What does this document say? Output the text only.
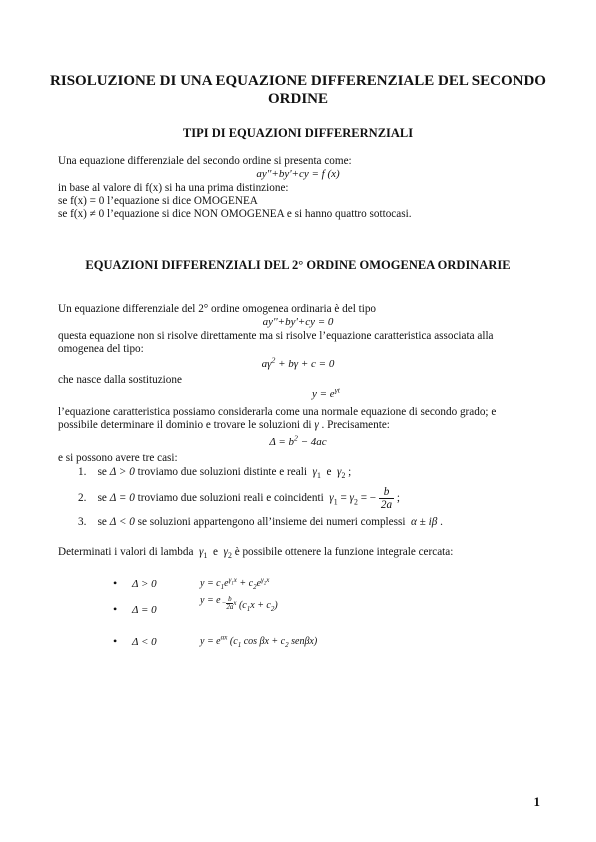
RISOLUZIONE DI UNA EQUAZIONE DIFFERENZIALE DEL SECONDO ORDINE
TIPI DI EQUAZIONI DIFFERERNZIALI
Una equazione differenziale del secondo ordine si presenta come:
ay''+by'+cy = f (x)
in base al valore di f(x) si ha una prima distinzione:
se f(x) = 0 l’equazione si dice OMOGENEA
se f(x) ≠ 0 l’equazione si dice NON OMOGENEA e si hanno quattro sottocasi.
EQUAZIONI DIFFERENZIALI DEL 2° ORDINE OMOGENEA ORDINARIE
Un equazione differenziale del 2° ordine omogenea ordinaria è del tipo
ay''+by'+cy = 0
questa equazione non si risolve direttamente ma si risolve l’equazione caratteristica associata alla
omogenea del tipo:
$a\gamma^2 + b\gamma + c = 0$
che nasce dalla sostituzione
$y = e^{\gamma t}$
l’equazione caratteristica possiamo considerarla come una normale equazione di secondo grado; e
possibile determinare il dominio e trovare le soluzioni di γ . Precisamente:
$\Delta = b^2 - 4ac$
e si possono avere tre casi:
1.    se Δ > 0 troviamo due soluzioni distinte e reali  $\gamma_1$  e  $\gamma_2$ ;
2.    se Δ = 0 troviamo due soluzioni reali e coincidenti  $\gamma_1 = \gamma_2$ = − $\frac{b}{2a}$ ;
3.    se Δ < 0 se soluzioni appartengono all’insieme dei numeri complessi  α ± iβ .
Determinati i valori di lambda  $\gamma_1$  e  $\gamma_2$ è possibile ottenere la funzione integrale cercata:
• Δ > 0	$y = c_1e^{\gamma_1x} + c_2e^{\gamma_2x}$
• Δ = 0
$y = e- \frac{b}{2a}$ x $(c_1x + c_2)$
• Δ < 0	$y = e^{\alpha x}$ ($c_1$ $\cos \beta x + c_2$ senβx)
1
